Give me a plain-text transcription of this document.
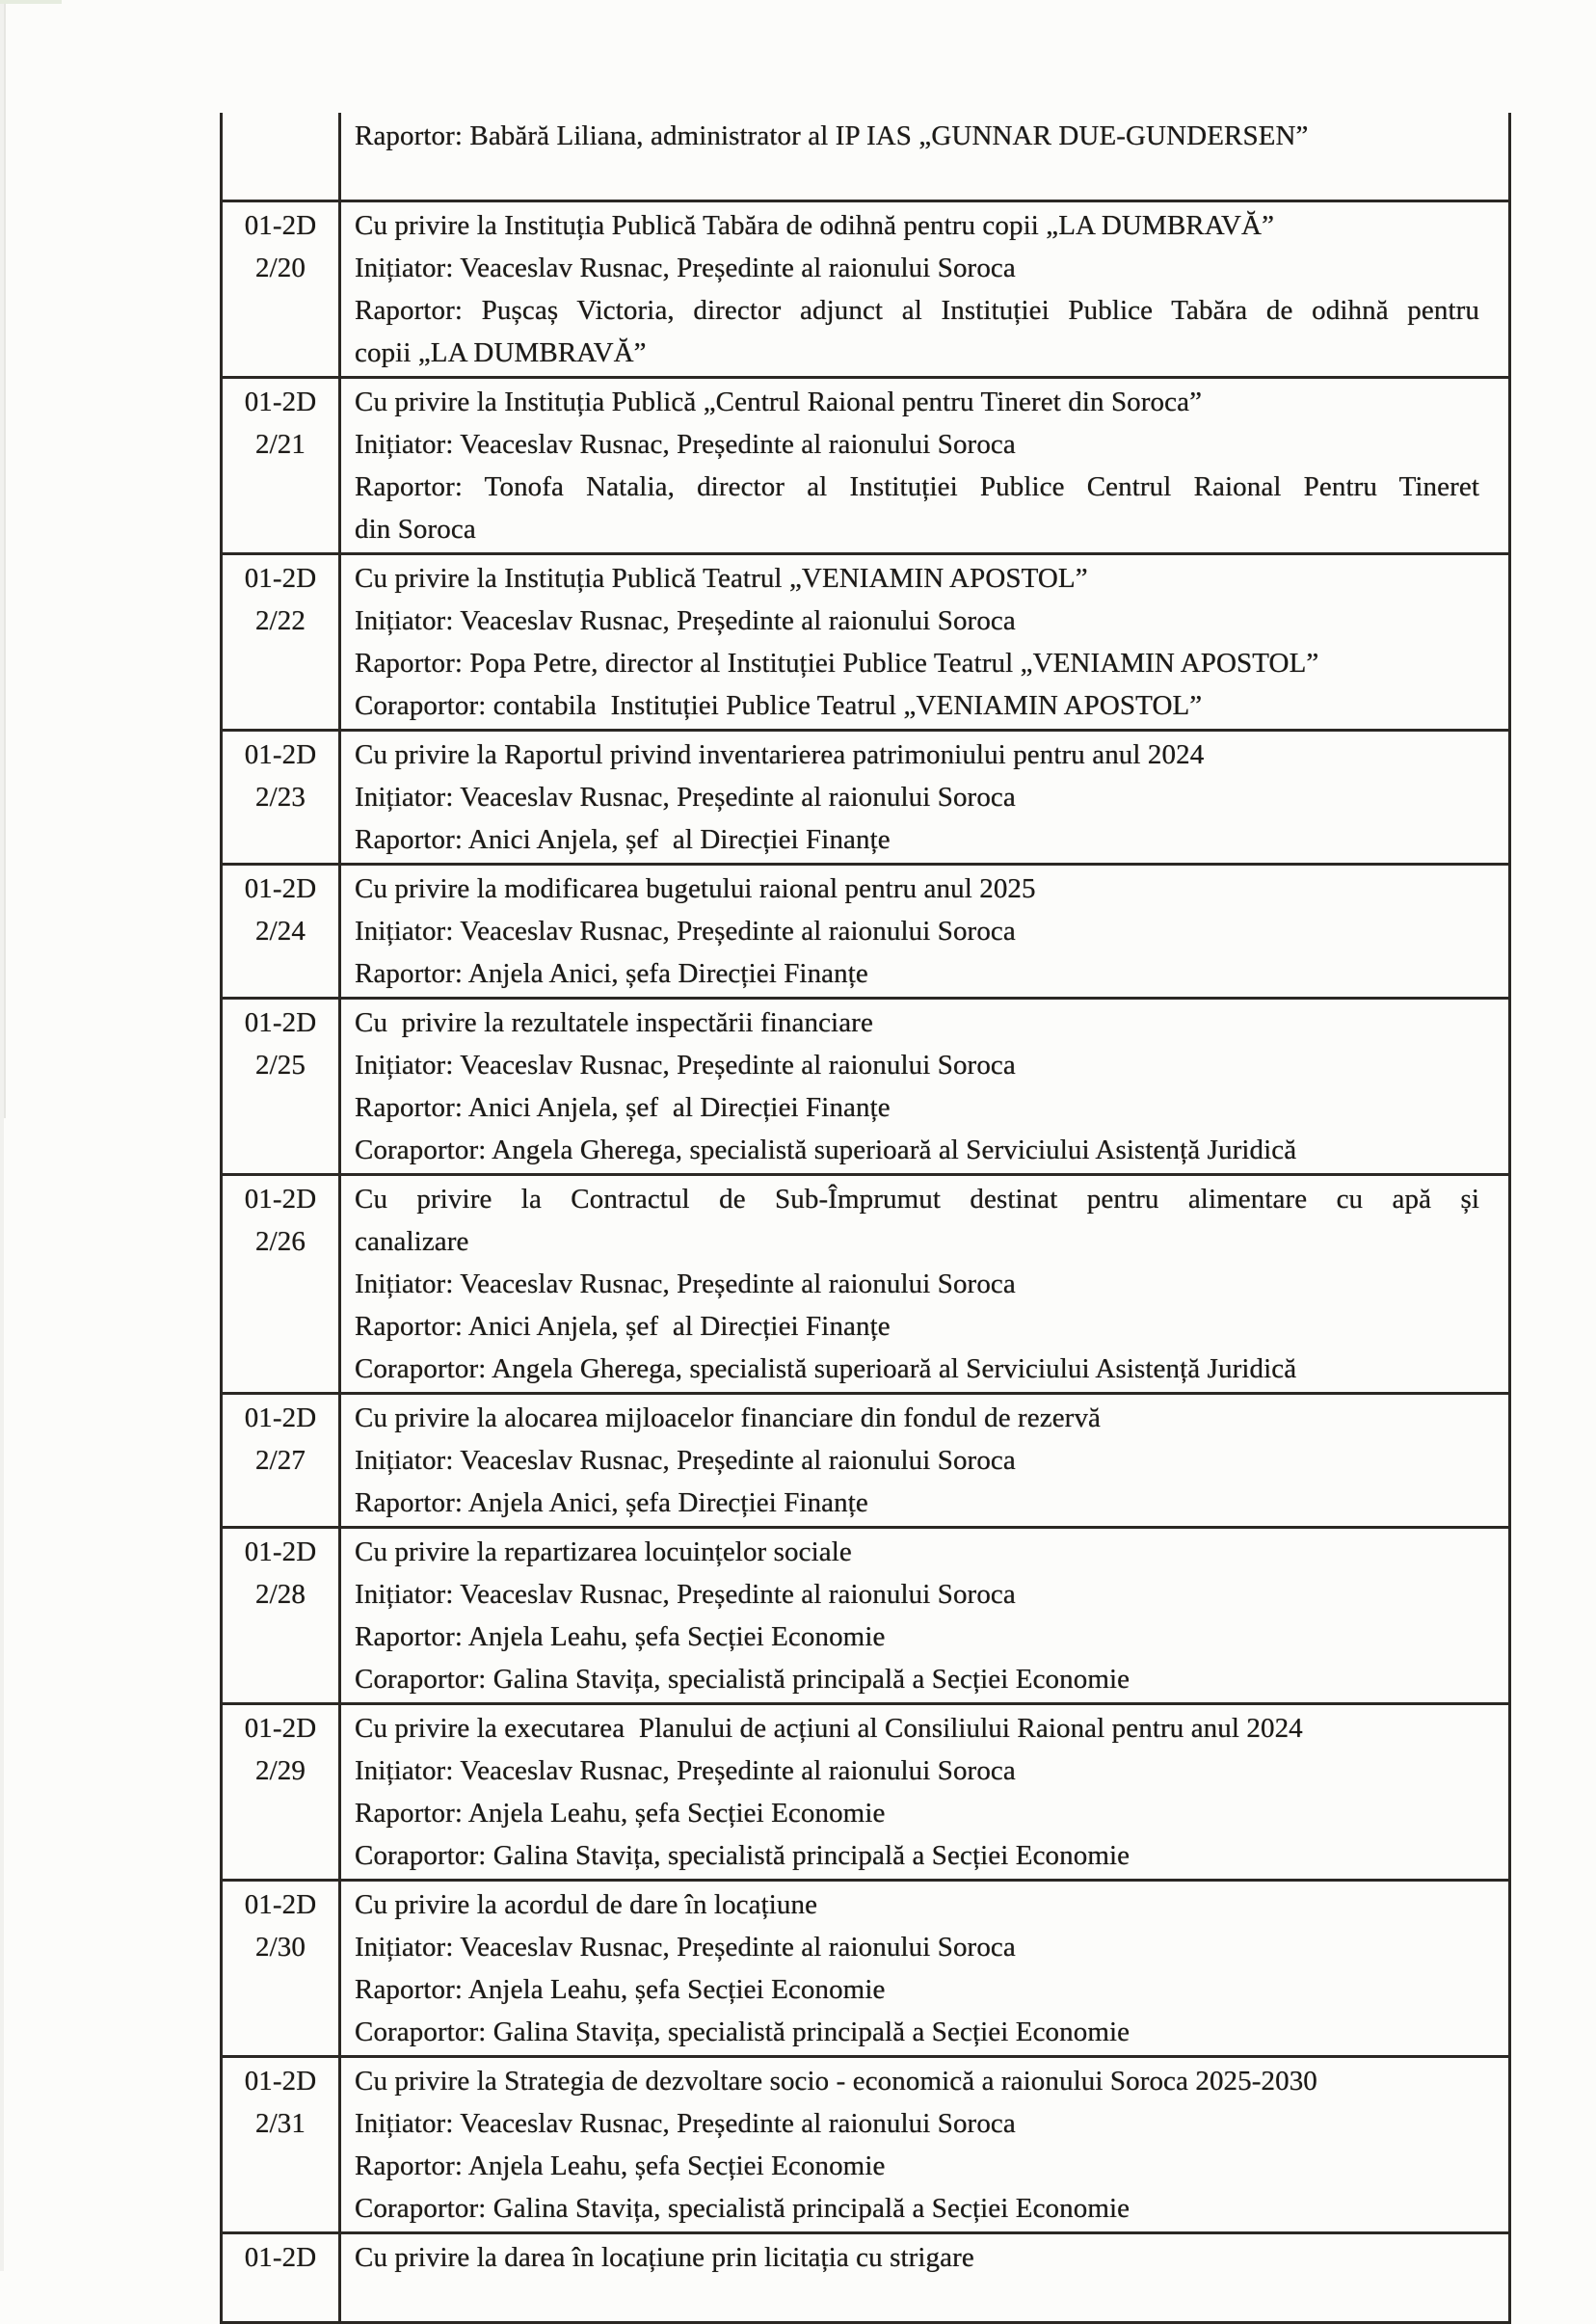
Raportor: Babără Liliana, administrator al IP IAS „GUNNAR DUE-GUNDERSEN”
01-2D
2/20
Cu privire la Instituția Publică Tabăra de odihnă pentru copii „LA DUMBRAVĂ”
Inițiator: Veaceslav Rusnac, Președinte al raionului Soroca
Raportor: Pușcaș Victoria, director adjunct al Instituției Publice Tabăra de odihnă pentru
copii „LA DUMBRAVĂ”
01-2D
2/21
Cu privire la Instituția Publică „Centrul Raional pentru Tineret din Soroca”
Inițiator: Veaceslav Rusnac, Președinte al raionului Soroca
Raportor: Tonofa Natalia, director al Instituției Publice Centrul Raional Pentru Tineret
din Soroca
01-2D
2/22
Cu privire la Instituția Publică Teatrul „VENIAMIN APOSTOL”
Inițiator: Veaceslav Rusnac, Președinte al raionului Soroca
Raportor: Popa Petre, director al Instituției Publice Teatrul „VENIAMIN APOSTOL”
Coraportor: contabila  Instituției Publice Teatrul „VENIAMIN APOSTOL”
01-2D
2/23
Cu privire la Raportul privind inventarierea patrimoniului pentru anul 2024
Inițiator: Veaceslav Rusnac, Președinte al raionului Soroca
Raportor: Anici Anjela, șef  al Direcției Finanțe
01-2D
2/24
Cu privire la modificarea bugetului raional pentru anul 2025
Inițiator: Veaceslav Rusnac, Președinte al raionului Soroca
Raportor: Anjela Anici, șefa Direcției Finanțe
01-2D
2/25
Cu  privire la rezultatele inspectării financiare
Inițiator: Veaceslav Rusnac, Președinte al raionului Soroca
Raportor: Anici Anjela, șef  al Direcției Finanțe
Coraportor: Angela Gherega, specialistă superioară al Serviciului Asistență Juridică
01-2D
2/26
Cu privire la Contractul de Sub-Împrumut destinat pentru alimentare cu apă și
canalizare
Inițiator: Veaceslav Rusnac, Președinte al raionului Soroca
Raportor: Anici Anjela, șef  al Direcției Finanțe
Coraportor: Angela Gherega, specialistă superioară al Serviciului Asistență Juridică
01-2D
2/27
Cu privire la alocarea mijloacelor financiare din fondul de rezervă
Inițiator: Veaceslav Rusnac, Președinte al raionului Soroca
Raportor: Anjela Anici, șefa Direcției Finanțe
01-2D
2/28
Cu privire la repartizarea locuințelor sociale
Inițiator: Veaceslav Rusnac, Președinte al raionului Soroca
Raportor: Anjela Leahu, șefa Secției Economie
Coraportor: Galina Stavița, specialistă principală a Secției Economie
01-2D
2/29
Cu privire la executarea  Planului de acțiuni al Consiliului Raional pentru anul 2024
Inițiator: Veaceslav Rusnac, Președinte al raionului Soroca
Raportor: Anjela Leahu, șefa Secției Economie
Coraportor: Galina Stavița, specialistă principală a Secției Economie
01-2D
2/30
Cu privire la acordul de dare în locațiune
Inițiator: Veaceslav Rusnac, Președinte al raionului Soroca
Raportor: Anjela Leahu, șefa Secției Economie
Coraportor: Galina Stavița, specialistă principală a Secției Economie
01-2D
2/31
Cu privire la Strategia de dezvoltare socio - economică a raionului Soroca 2025-2030
Inițiator: Veaceslav Rusnac, Președinte al raionului Soroca
Raportor: Anjela Leahu, șefa Secției Economie
Coraportor: Galina Stavița, specialistă principală a Secției Economie
01-2D
	Cu privire la darea în locațiune prin licitația cu strigare
